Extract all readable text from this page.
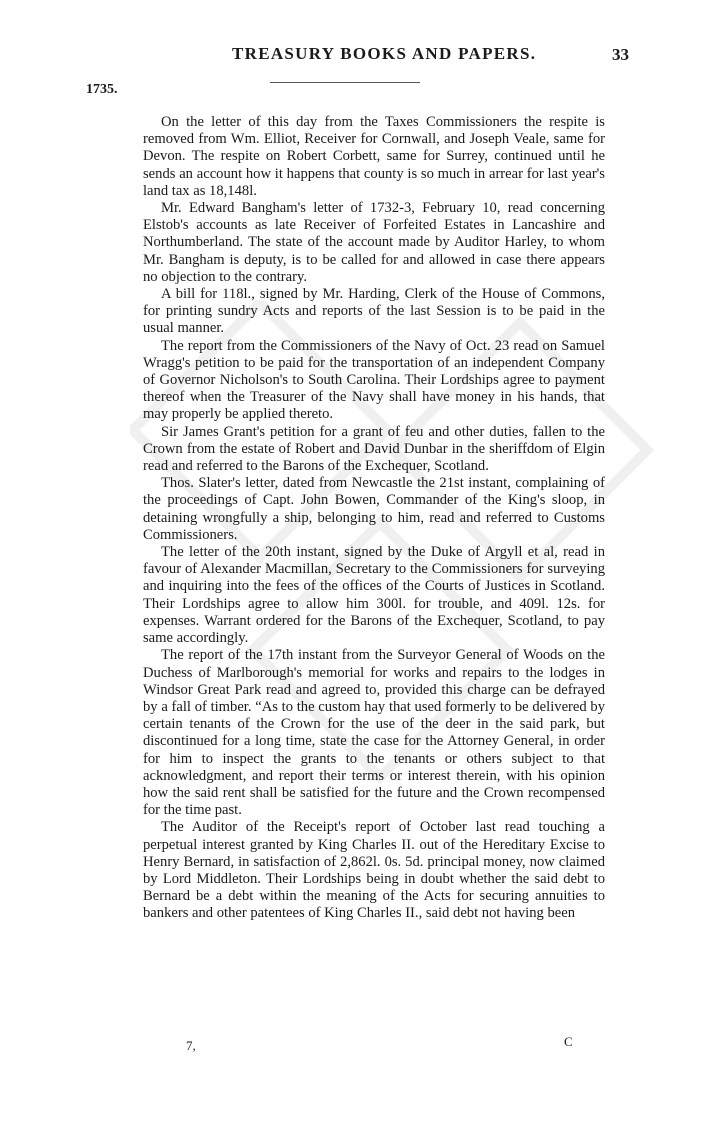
TREASURY BOOKS AND PAPERS.	33
1735.

On the letter of this day from the Taxes Commissioners the respite is removed from Wm. Elliot, Receiver for Cornwall, and Joseph Veale, same for Devon. The respite on Robert Corbett, same for Surrey, continued until he sends an account how it happens that county is so much in arrear for last year's land tax as 18,148l.

Mr. Edward Bangham's letter of 1732-3, February 10, read concerning Elstob's accounts as late Receiver of Forfeited Estates in Lancashire and Northumberland. The state of the account made by Auditor Harley, to whom Mr. Bangham is deputy, is to be called for and allowed in case there appears no objection to the contrary.

A bill for 118l., signed by Mr. Harding, Clerk of the House of Commons, for printing sundry Acts and reports of the last Session is to be paid in the usual manner.

The report from the Commissioners of the Navy of Oct. 23 read on Samuel Wragg's petition to be paid for the transportation of an independent Company of Governor Nicholson's to South Carolina. Their Lordships agree to payment thereof when the Treasurer of the Navy shall have money in his hands, that may properly be applied thereto.

Sir James Grant's petition for a grant of feu and other duties, fallen to the Crown from the estate of Robert and David Dunbar in the sheriffdom of Elgin read and referred to the Barons of the Exchequer, Scotland.

Thos. Slater's letter, dated from Newcastle the 21st instant, complaining of the proceedings of Capt. John Bowen, Commander of the King's sloop, in detaining wrongfully a ship, belonging to him, read and referred to Customs Commissioners.

The letter of the 20th instant, signed by the Duke of Argyll et al, read in favour of Alexander Macmillan, Secretary to the Commissioners for surveying and inquiring into the fees of the offices of the Courts of Justices in Scotland. Their Lordships agree to allow him 300l. for trouble, and 409l. 12s. for expenses. Warrant ordered for the Barons of the Exchequer, Scotland, to pay same accordingly.

The report of the 17th instant from the Surveyor General of Woods on the Duchess of Marlborough's memorial for works and repairs to the lodges in Windsor Great Park read and agreed to, provided this charge can be defrayed by a fall of timber. “As to the custom hay that used formerly to be delivered by certain tenants of the Crown for the use of the deer in the said park, but discontinued for a long time, state the case for the Attorney General, in order for him to inspect the grants to the tenants or others subject to that acknowledgment, and report their terms or interest therein, with his opinion how the said rent shall be satisfied for the future and the Crown recompensed for the time past.

The Auditor of the Receipt's report of October last read touching a perpetual interest granted by King Charles II. out of the Hereditary Excise to Henry Bernard, in satisfaction of 2,862l. 0s. 5d. principal money, now claimed by Lord Middleton. Their Lordships being in doubt whether the said debt to Bernard be a debt within the meaning of the Acts for securing annuities to bankers and other patentees of King Charles II., said debt not having been

7,	C
